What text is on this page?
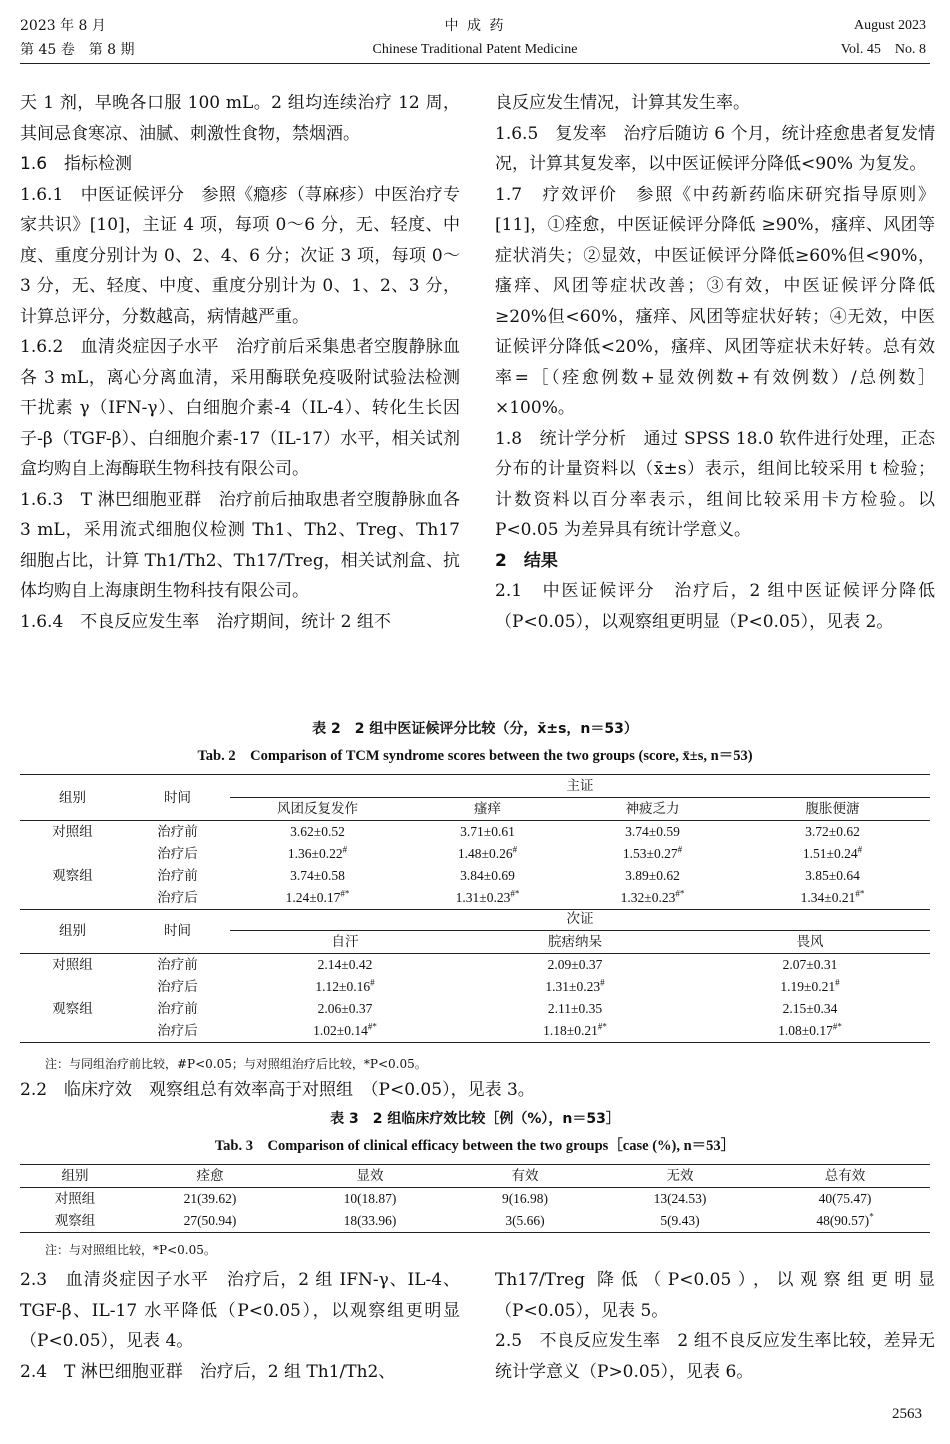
2023 年 8 月
第 45 卷　第 8 期
中 成 药
Chinese Traditional Patent Medicine
August 2023
Vol. 45　No. 8

天 1 剂，早晚各口服 100 mL。2 组均连续治疗 12 周，其间忌食寒凉、油腻、刺激性食物，禁烟酒。

1.6　指标检测

1.6.1　中医证候评分　参照《瘾疹（荨麻疹）中医治疗专家共识》[10]，主证 4 项，每项 0～6 分，无、轻度、中度、重度分别计为 0、2、4、6 分；次证 3 项，每项 0～3 分，无、轻度、中度、重度分别计为 0、1、2、3 分，计算总评分，分数越高，病情越严重。

1.6.2　血清炎症因子水平　治疗前后采集患者空腹静脉血各 3 mL，离心分离血清，采用酶联免疫吸附试验法检测干扰素 γ（IFN-γ）、白细胞介素-4（IL-4）、转化生长因子-β（TGF-β）、白细胞介素-17（IL-17）水平，相关试剂盒均购自上海酶联生物科技有限公司。

1.6.3　T 淋巴细胞亚群　治疗前后抽取患者空腹静脉血各 3 mL，采用流式细胞仪检测 Th1、Th2、Treg、Th17 细胞占比，计算 Th1/Th2、Th17/Treg，相关试剂盒、抗体均购自上海康朗生物科技有限公司。

1.6.4　不良反应发生率　治疗期间，统计 2 组不

良反应发生情况，计算其发生率。

1.6.5　复发率　治疗后随访 6 个月，统计痊愈患者复发情况，计算其复发率，以中医证候评分降低<90% 为复发。

1.7　疗效评价　参照《中药新药临床研究指导原则》[11]，①痊愈，中医证候评分降低 ≥90%，瘙痒、风团等症状消失；②显效，中医证候评分降低≥60%但<90%，瘙痒、风团等症状改善；③有效，中医证候评分降低≥20%但<60%，瘙痒、风团等症状好转；④无效，中医证候评分降低<20%，瘙痒、风团等症状未好转。总有效率=［（痊愈例数+显效例数+有效例数）/总例数］×100%。

1.8　统计学分析　通过 SPSS 18.0 软件进行处理，正态分布的计量资料以（x̄±s）表示，组间比较采用 t 检验；计数资料以百分率表示，组间比较采用卡方检验。以 P<0.05 为差异具有统计学意义。

2　结果

2.1　中医证候评分　治疗后，2 组中医证候评分降低（P<0.05），以观察组更明显（P<0.05），见表 2。

表 2　2 组中医证候评分比较（分，x̄±s，n＝53）
Tab. 2　Comparison of TCM syndrome scores between the two groups (score, x̄±s, n＝53)
组别	时间	主证			
		风团反复发作	瘙痒	神疲乏力	腹胀便溏
对照组	治疗前	3.62±0.52	3.71±0.61	3.74±0.59	3.72±0.62
	治疗后	1.36±0.22#	1.48±0.26#	1.53±0.27#	1.51±0.24#
观察组	治疗前	3.74±0.58	3.84±0.69	3.89±0.62	3.85±0.64
	治疗后	1.24±0.17#*	1.31±0.23#*	1.32±0.23#*	1.34±0.21#*
组别	时间	次证		
		自汗	脘痞纳呆	畏风
对照组	治疗前	2.14±0.42	2.09±0.37	2.07±0.31
	治疗后	1.12±0.16#	1.31±0.23#	1.19±0.21#
观察组	治疗前	2.06±0.37	2.11±0.35	2.15±0.34
	治疗后	1.02±0.14#*	1.18±0.21#*	1.08±0.17#*
注：与同组治疗前比较，#P<0.05；与对照组治疗后比较，*P<0.05。
2.2　临床疗效　观察组总有效率高于对照组　（P<0.05），见表 3。
表 3　2 组临床疗效比较［例（%），n＝53］
Tab. 3　Comparison of clinical efficacy between the two groups［case (%), n＝53］
组别	痊愈	显效	有效	无效	总有效
对照组	21(39.62)	10(18.87)	9(16.98)	13(24.53)	40(75.47)
观察组	27(50.94)	18(33.96)	3(5.66)	5(9.43)	48(90.57)*
注：与对照组比较，*P<0.05。

2.3　血清炎症因子水平　治疗后，2 组 IFN-γ、IL-4、TGF-β、IL-17 水平降低（P<0.05），以观察组更明显（P<0.05），见表 4。

2.4　T 淋巴细胞亚群　治疗后，2 组 Th1/Th2、

Th17/Treg 降低（P<0.05），以观察组更明显（P<0.05），见表 5。

2.5　不良反应发生率　2 组不良反应发生率比较，差异无统计学意义（P>0.05），见表 6。

2563
